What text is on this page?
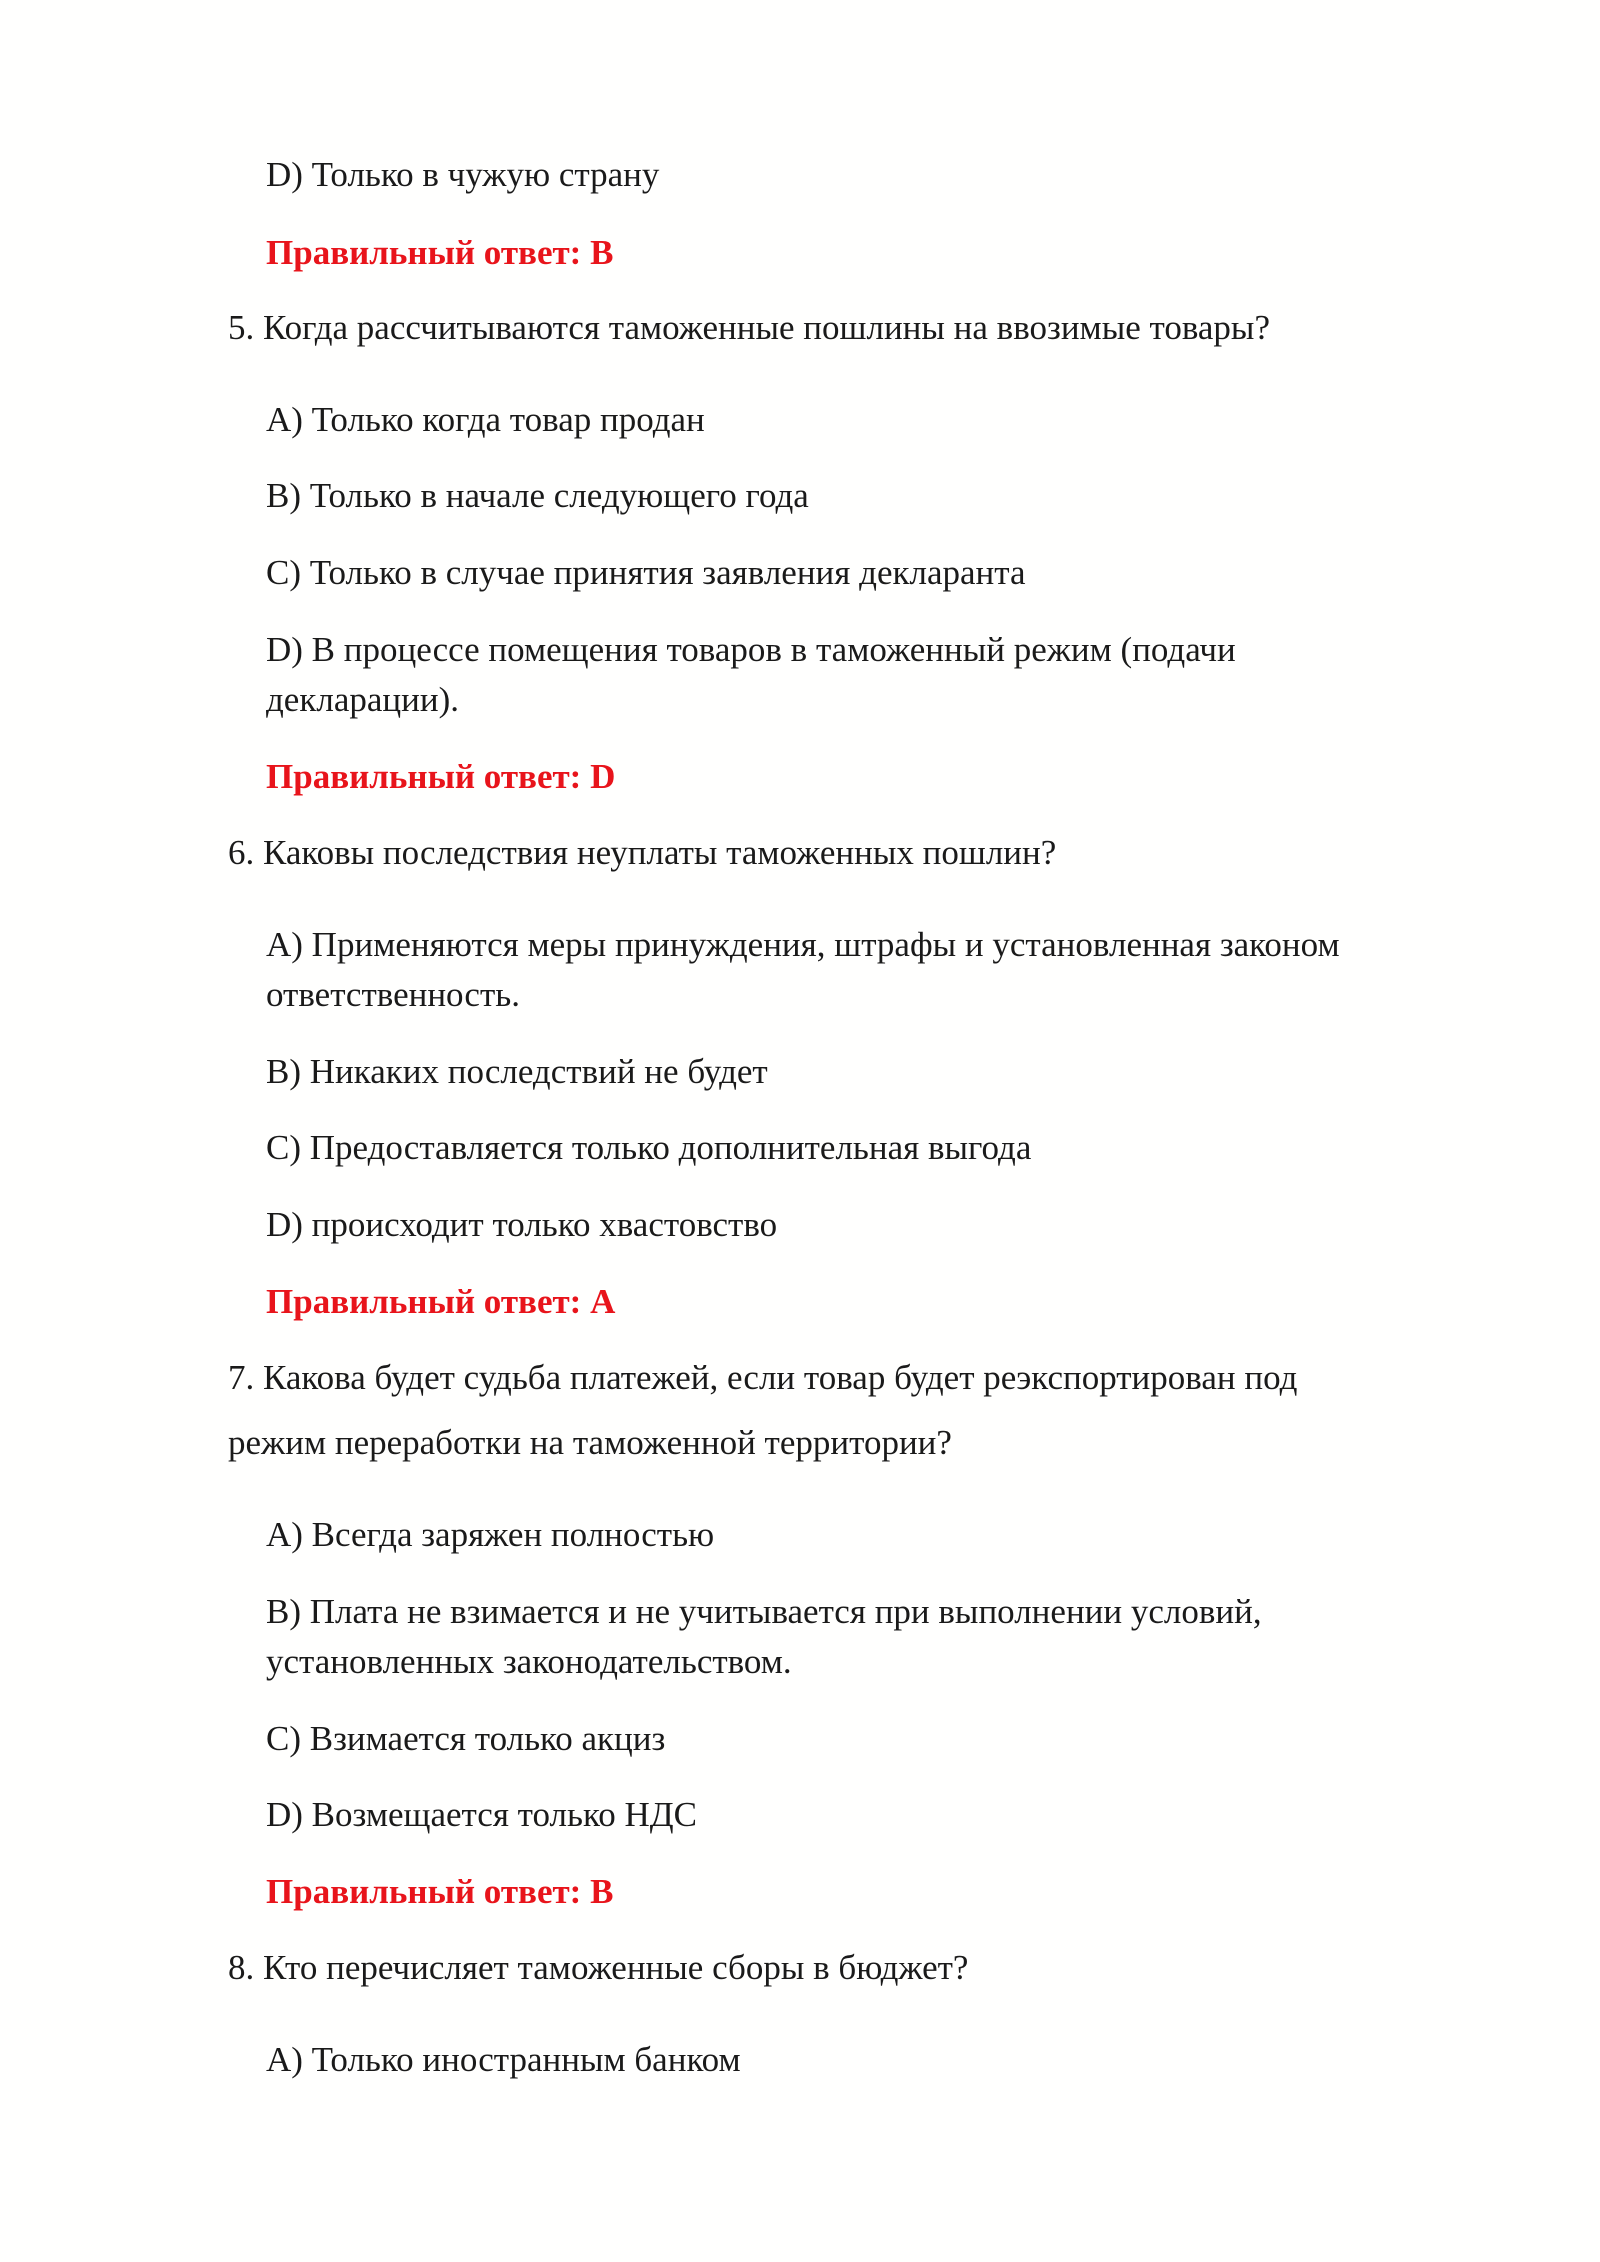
D) Только в чужую страну
Правильный ответ: B
5. Когда рассчитываются таможенные пошлины на ввозимые товары?
A) Только когда товар продан
B) Только в начале следующего года
C) Только в случае принятия заявления декларанта
D) В процессе помещения товаров в таможенный режим (подачи
декларации).
Правильный ответ: D
6. Каковы последствия неуплаты таможенных пошлин?
A) Применяются меры принуждения, штрафы и установленная законом
ответственность.
B) Никаких последствий не будет
C) Предоставляется только дополнительная выгода
D) происходит только хвастовство
Правильный ответ: A
7. Какова будет судьба платежей, если товар будет реэкспортирован под
режим переработки на таможенной территории?
A) Всегда заряжен полностью
B) Плата не взимается и не учитывается при выполнении условий,
установленных законодательством.
C) Взимается только акциз
D) Возмещается только НДС
Правильный ответ: B
8. Кто перечисляет таможенные сборы в бюджет?
A) Только иностранным банком
